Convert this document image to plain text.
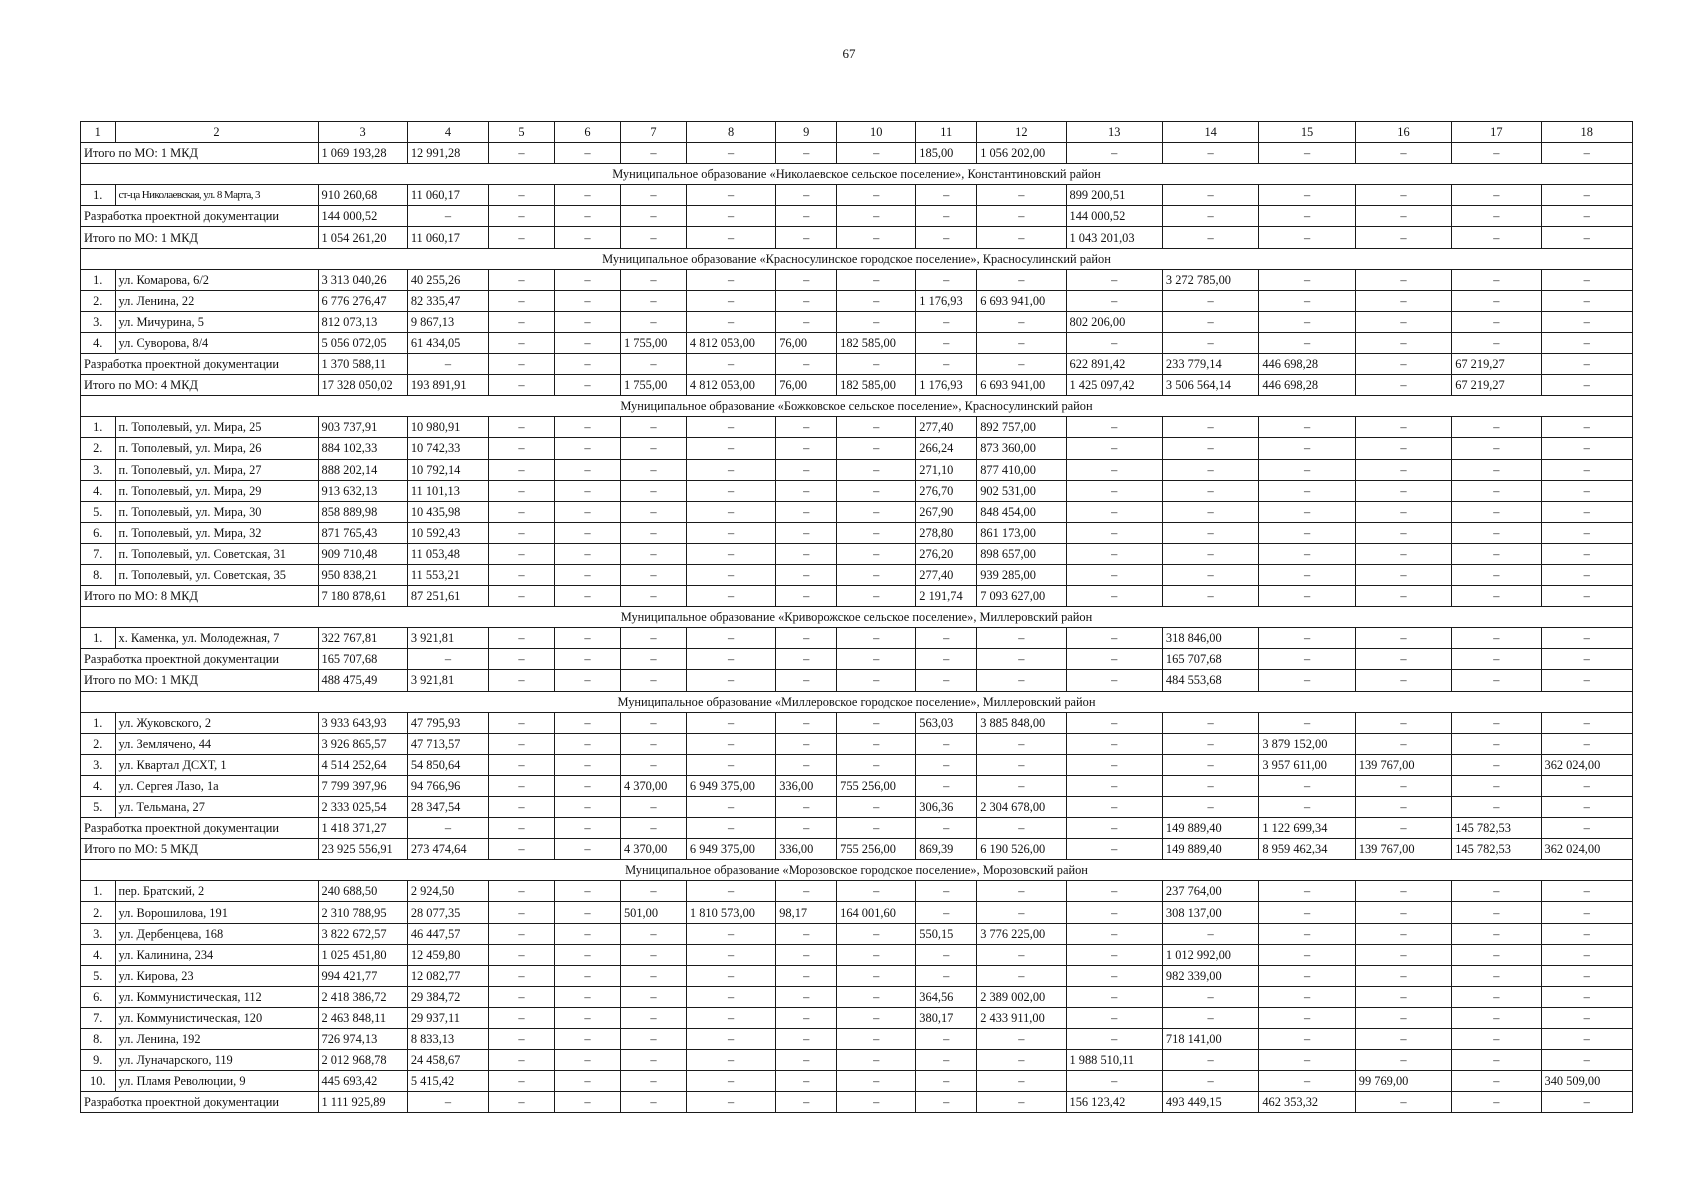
67
1	2	3	4	5	6	7	8	9	10	11	12	13	14	15	16	17	18
Итого по МО: 1 МКД		1 069 193,28	12 991,28	–	–	–	–	–	–	185,00	1 056 202,00	–	–	–	–	–	–
Муниципальное образование «Николаевское сельское поселение», Константиновский район																	
1.	ст-ца Николаевская, ул. 8 Марта, 3	910 260,68	11 060,17	–	–	–	–	–	–	–	–	899 200,51	–	–	–	–	–
Разработка проектной документации		144 000,52	–	–	–	–	–	–	–	–	–	144 000,52	–	–	–	–	–
Итого по МО: 1 МКД		1 054 261,20	11 060,17	–	–	–	–	–	–	–	–	1 043 201,03	–	–	–	–	–
Муниципальное образование «Красносулинское городское поселение», Красносулинский район																	
1.	ул. Комарова, 6/2	3 313 040,26	40 255,26	–	–	–	–	–	–	–	–	–	3 272 785,00	–	–	–	–
2.	ул. Ленина, 22	6 776 276,47	82 335,47	–	–	–	–	–	–	1 176,93	6 693 941,00	–	–	–	–	–	–
3.	ул. Мичурина, 5	812 073,13	9 867,13	–	–	–	–	–	–	–	–	802 206,00	–	–	–	–	–
4.	ул. Суворова, 8/4	5 056 072,05	61 434,05	–	–	1 755,00	4 812 053,00	76,00	182 585,00	–	–	–	–	–	–	–	–
Разработка проектной документации		1 370 588,11	–	–	–	–	–	–	–	–	–	622 891,42	233 779,14	446 698,28	–	67 219,27	–
Итого по МО: 4 МКД		17 328 050,02	193 891,91	–	–	1 755,00	4 812 053,00	76,00	182 585,00	1 176,93	6 693 941,00	1 425 097,42	3 506 564,14	446 698,28	–	67 219,27	–
Муниципальное образование «Божковское сельское поселение», Красносулинский район																	
1.	п. Тополевый, ул. Мира, 25	903 737,91	10 980,91	–	–	–	–	–	–	277,40	892 757,00	–	–	–	–	–	–
2.	п. Тополевый, ул. Мира, 26	884 102,33	10 742,33	–	–	–	–	–	–	266,24	873 360,00	–	–	–	–	–	–
3.	п. Тополевый, ул. Мира, 27	888 202,14	10 792,14	–	–	–	–	–	–	271,10	877 410,00	–	–	–	–	–	–
4.	п. Тополевый, ул. Мира, 29	913 632,13	11 101,13	–	–	–	–	–	–	276,70	902 531,00	–	–	–	–	–	–
5.	п. Тополевый, ул. Мира, 30	858 889,98	10 435,98	–	–	–	–	–	–	267,90	848 454,00	–	–	–	–	–	–
6.	п. Тополевый, ул. Мира, 32	871 765,43	10 592,43	–	–	–	–	–	–	278,80	861 173,00	–	–	–	–	–	–
7.	п. Тополевый, ул. Советская, 31	909 710,48	11 053,48	–	–	–	–	–	–	276,20	898 657,00	–	–	–	–	–	–
8.	п. Тополевый, ул. Советская, 35	950 838,21	11 553,21	–	–	–	–	–	–	277,40	939 285,00	–	–	–	–	–	–
Итого по МО: 8 МКД		7 180 878,61	87 251,61	–	–	–	–	–	–	2 191,74	7 093 627,00	–	–	–	–	–	–
Муниципальное образование «Криворожское сельское поселение», Миллеровский район																	
1.	х. Каменка, ул. Молодежная, 7	322 767,81	3 921,81	–	–	–	–	–	–	–	–	–	318 846,00	–	–	–	–
Разработка проектной документации		165 707,68	–	–	–	–	–	–	–	–	–	–	165 707,68	–	–	–	–
Итого по МО: 1 МКД		488 475,49	3 921,81	–	–	–	–	–	–	–	–	–	484 553,68	–	–	–	–
Муниципальное образование «Миллеровское городское поселение», Миллеровский район																	
1.	ул. Жуковского, 2	3 933 643,93	47 795,93	–	–	–	–	–	–	563,03	3 885 848,00	–	–	–	–	–	–
2.	ул. Землячено, 44	3 926 865,57	47 713,57	–	–	–	–	–	–	–	–	–	–	3 879 152,00	–	–	–
3.	ул. Квартал ДСХТ, 1	4 514 252,64	54 850,64	–	–	–	–	–	–	–	–	–	–	3 957 611,00	139 767,00	–	362 024,00
4.	ул. Сергея Лазо, 1а	7 799 397,96	94 766,96	–	–	4 370,00	6 949 375,00	336,00	755 256,00	–	–	–	–	–	–	–	–
5.	ул. Тельмана, 27	2 333 025,54	28 347,54	–	–	–	–	–	–	306,36	2 304 678,00	–	–	–	–	–	–
Разработка проектной документации		1 418 371,27	–	–	–	–	–	–	–	–	–	–	149 889,40	1 122 699,34	–	145 782,53	–
Итого по МО: 5 МКД		23 925 556,91	273 474,64	–	–	4 370,00	6 949 375,00	336,00	755 256,00	869,39	6 190 526,00	–	149 889,40	8 959 462,34	139 767,00	145 782,53	362 024,00
Муниципальное образование «Морозовское городское поселение», Морозовский район																	
1.	пер. Братский, 2	240 688,50	2 924,50	–	–	–	–	–	–	–	–	–	237 764,00	–	–	–	–
2.	ул. Ворошилова, 191	2 310 788,95	28 077,35	–	–	501,00	1 810 573,00	98,17	164 001,60	–	–	–	308 137,00	–	–	–	–
3.	ул. Дербенцева, 168	3 822 672,57	46 447,57	–	–	–	–	–	–	550,15	3 776 225,00	–	–	–	–	–	–
4.	ул. Калинина, 234	1 025 451,80	12 459,80	–	–	–	–	–	–	–	–	–	1 012 992,00	–	–	–	–
5.	ул. Кирова, 23	994 421,77	12 082,77	–	–	–	–	–	–	–	–	–	982 339,00	–	–	–	–
6.	ул. Коммунистическая, 112	2 418 386,72	29 384,72	–	–	–	–	–	–	364,56	2 389 002,00	–	–	–	–	–	–
7.	ул. Коммунистическая, 120	2 463 848,11	29 937,11	–	–	–	–	–	–	380,17	2 433 911,00	–	–	–	–	–	–
8.	ул. Ленина, 192	726 974,13	8 833,13	–	–	–	–	–	–	–	–	–	718 141,00	–	–	–	–
9.	ул. Луначарского, 119	2 012 968,78	24 458,67	–	–	–	–	–	–	–	–	1 988 510,11	–	–	–	–	–
10.	ул. Пламя Революции, 9	445 693,42	5 415,42	–	–	–	–	–	–	–	–	–	–	–	99 769,00	–	340 509,00
Разработка проектной документации		1 111 925,89	–	–	–	–	–	–	–	–	–	156 123,42	493 449,15	462 353,32	–	–	–
